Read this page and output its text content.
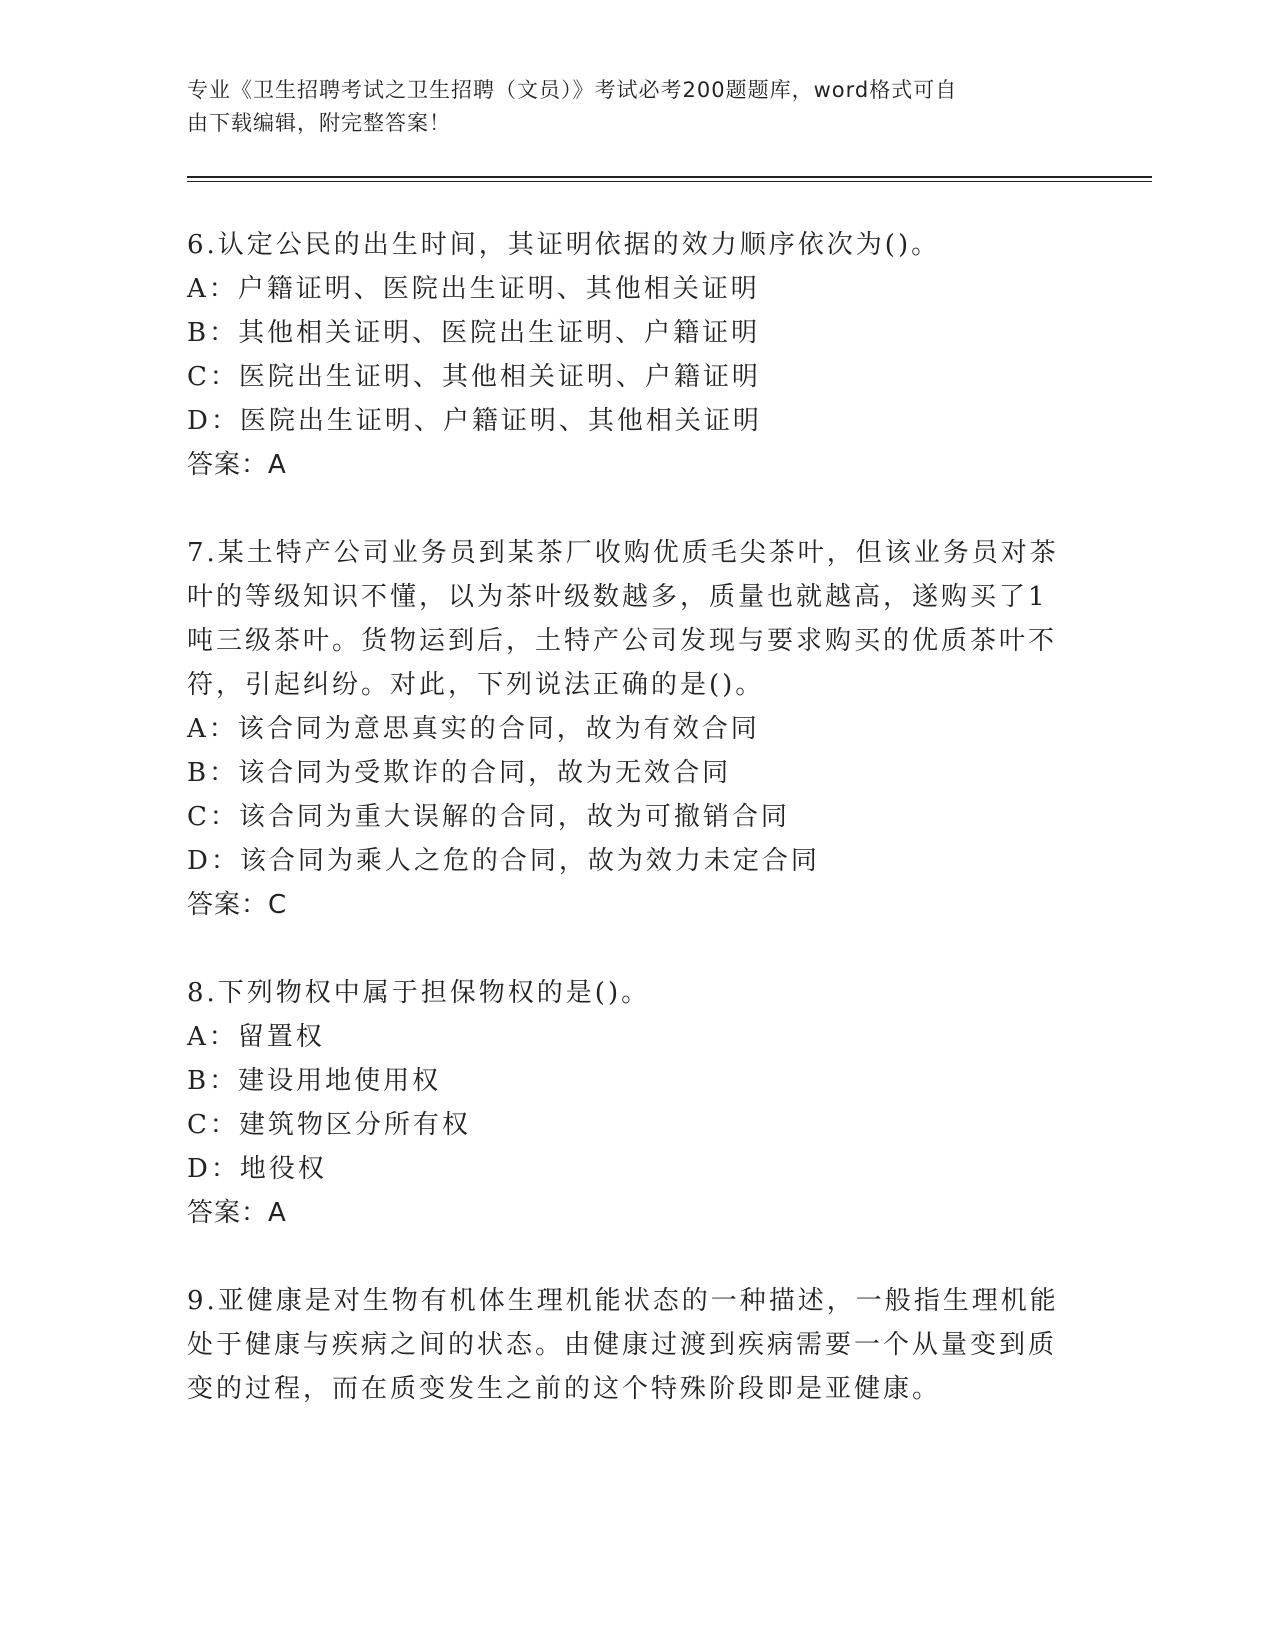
专业《卫生招聘考试之卫生招聘（文员）》考试必考200题题库，word格式可自
由下载编辑，附完整答案！
6.认定公民的出生时间，其证明依据的效力顺序依次为()。
A：户籍证明、医院出生证明、其他相关证明
B：其他相关证明、医院出生证明、户籍证明
C：医院出生证明、其他相关证明、户籍证明
D：医院出生证明、户籍证明、其他相关证明
答案：A
7.某土特产公司业务员到某茶厂收购优质毛尖茶叶，但该业务员对茶
叶的等级知识不懂，以为茶叶级数越多，质量也就越高，遂购买了1
吨三级茶叶。货物运到后，土特产公司发现与要求购买的优质茶叶不
符，引起纠纷。对此，下列说法正确的是()。
A：该合同为意思真实的合同，故为有效合同
B：该合同为受欺诈的合同，故为无效合同
C：该合同为重大误解的合同，故为可撤销合同
D：该合同为乘人之危的合同，故为效力未定合同
答案：C
8.下列物权中属于担保物权的是()。
A：留置权
B：建设用地使用权
C：建筑物区分所有权
D：地役权
答案：A
9.亚健康是对生物有机体生理机能状态的一种描述，一般指生理机能
处于健康与疾病之间的状态。由健康过渡到疾病需要一个从量变到质
变的过程，而在质变发生之前的这个特殊阶段即是亚健康。
